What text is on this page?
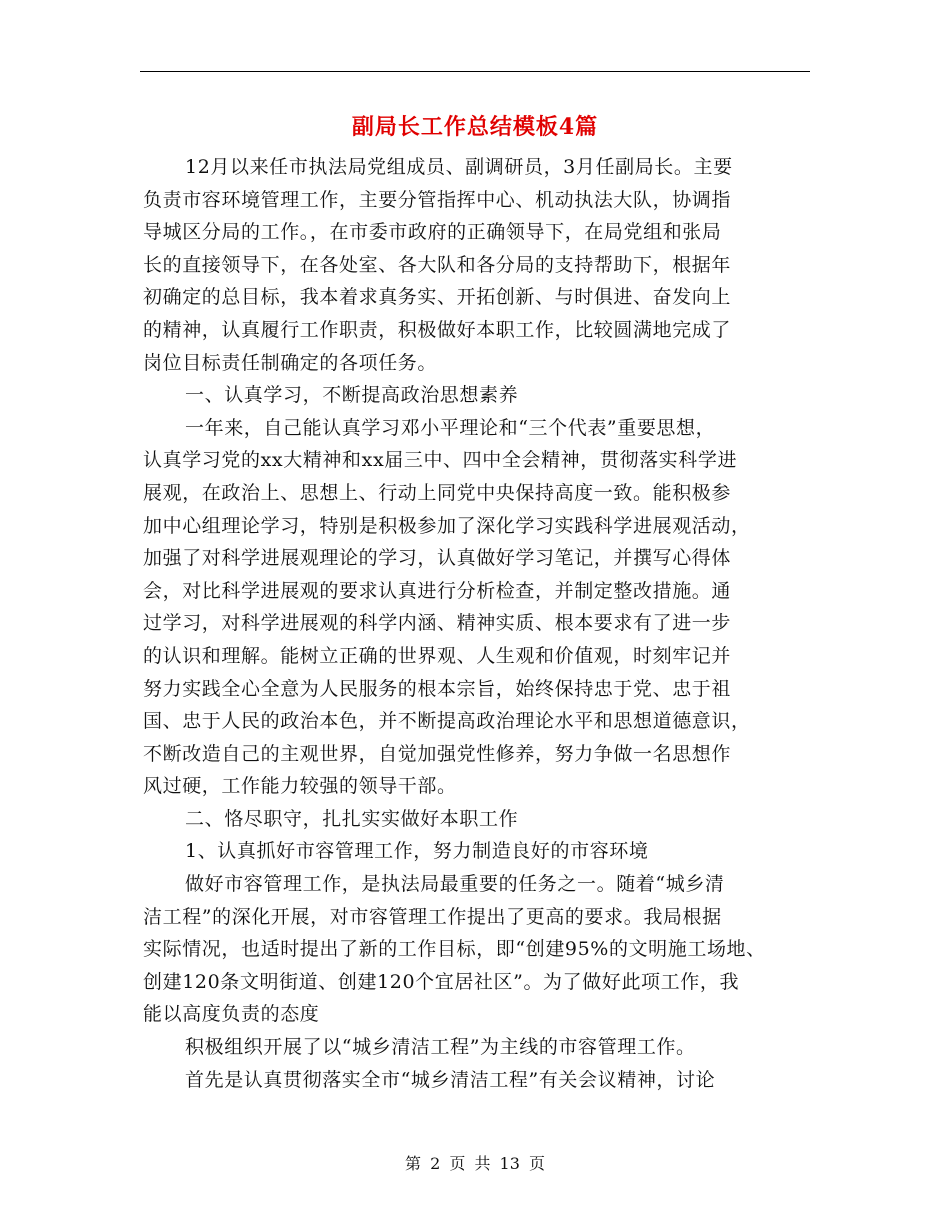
副局长工作总结模板4篇
12月以来任市执法局党组成员、副调研员，3月任副局长。主要
负责市容环境管理工作，主要分管指挥中心、机动执法大队，协调指
导城区分局的工作。，在市委市政府的正确领导下，在局党组和张局
长的直接领导下，在各处室、各大队和各分局的支持帮助下，根据年
初确定的总目标，我本着求真务实、开拓创新、与时俱进、奋发向上
的精神，认真履行工作职责，积极做好本职工作，比较圆满地完成了
岗位目标责任制确定的各项任务。
一、认真学习，不断提高政治思想素养
一年来，自己能认真学习邓小平理论和“三个代表”重要思想，
认真学习党的xx大精神和xx届三中、四中全会精神，贯彻落实科学进
展观，在政治上、思想上、行动上同党中央保持高度一致。能积极参
加中心组理论学习，特别是积极参加了深化学习实践科学进展观活动，
加强了对科学进展观理论的学习，认真做好学习笔记，并撰写心得体
会，对比科学进展观的要求认真进行分析检查，并制定整改措施。通
过学习，对科学进展观的科学内涵、精神实质、根本要求有了进一步
的认识和理解。能树立正确的世界观、人生观和价值观，时刻牢记并
努力实践全心全意为人民服务的根本宗旨，始终保持忠于党、忠于祖
国、忠于人民的政治本色，并不断提高政治理论水平和思想道德意识，
不断改造自己的主观世界，自觉加强党性修养，努力争做一名思想作
风过硬，工作能力较强的领导干部。
二、恪尽职守，扎扎实实做好本职工作
1、认真抓好市容管理工作，努力制造良好的市容环境
做好市容管理工作，是执法局最重要的任务之一。随着“城乡清
洁工程”的深化开展，对市容管理工作提出了更高的要求。我局根据
实际情况，也适时提出了新的工作目标，即“创建95%的文明施工场地、
创建120条文明街道、创建120个宜居社区”。为了做好此项工作，我
能以高度负责的态度
积极组织开展了以“城乡清洁工程”为主线的市容管理工作。
首先是认真贯彻落实全市“城乡清洁工程”有关会议精神，讨论
第 2 页 共 13 页
